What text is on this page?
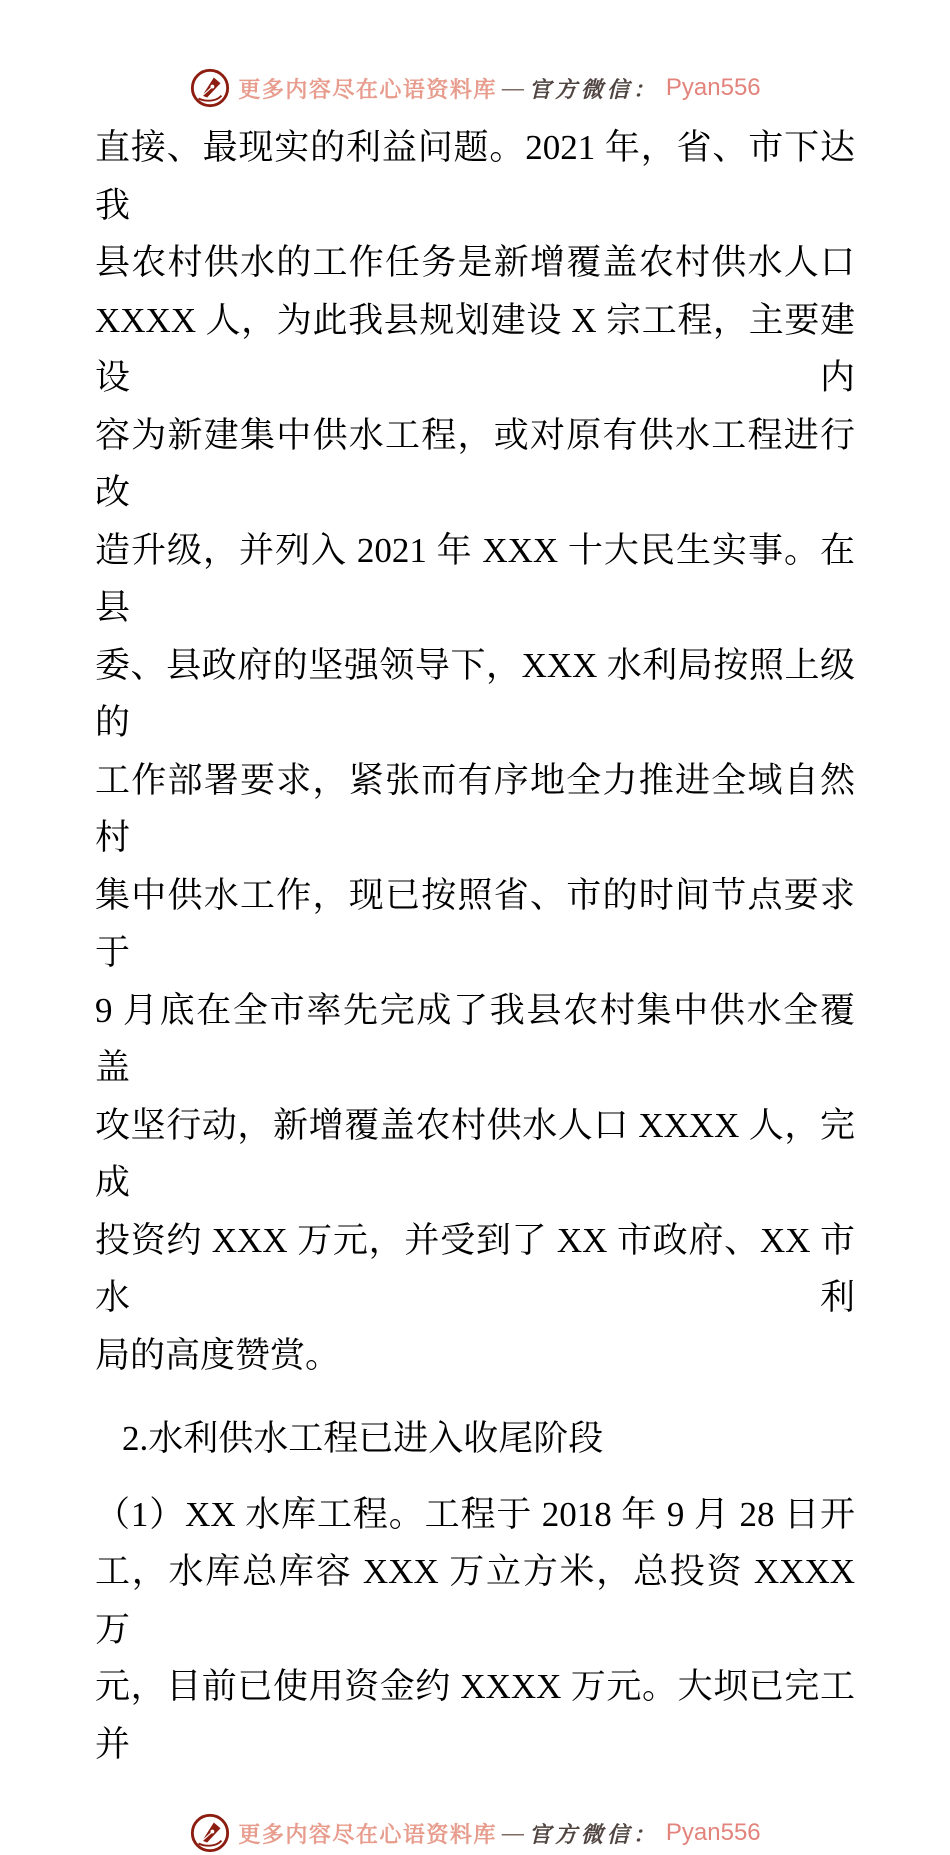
更多内容尽在心语资料库 — 官方微信： Pyan556
直接、最现实的利益问题。2021 年，省、市下达我
县农村供水的工作任务是新增覆盖农村供水人口
XXXX 人，为此我县规划建设 X 宗工程，主要建设内
容为新建集中供水工程，或对原有供水工程进行改
造升级，并列入 2021 年 XXX 十大民生实事。在县
委、县政府的坚强领导下，XXX 水利局按照上级的
工作部署要求，紧张而有序地全力推进全域自然村
集中供水工作，现已按照省、市的时间节点要求于
9 月底在全市率先完成了我县农村集中供水全覆盖
攻坚行动，新增覆盖农村供水人口 XXXX 人，完成
投资约 XXX 万元，并受到了 XX 市政府、XX 市水利
局的高度赞赏。
2.水利供水工程已进入收尾阶段
（1）XX 水库工程。工程于 2018 年 9 月 28 日开
工，水库总库容 XXX 万立方米，总投资 XXXX 万
元，目前已使用资金约 XXXX 万元。大坝已完工并
更多内容尽在心语资料库 — 官方微信： Pyan556
